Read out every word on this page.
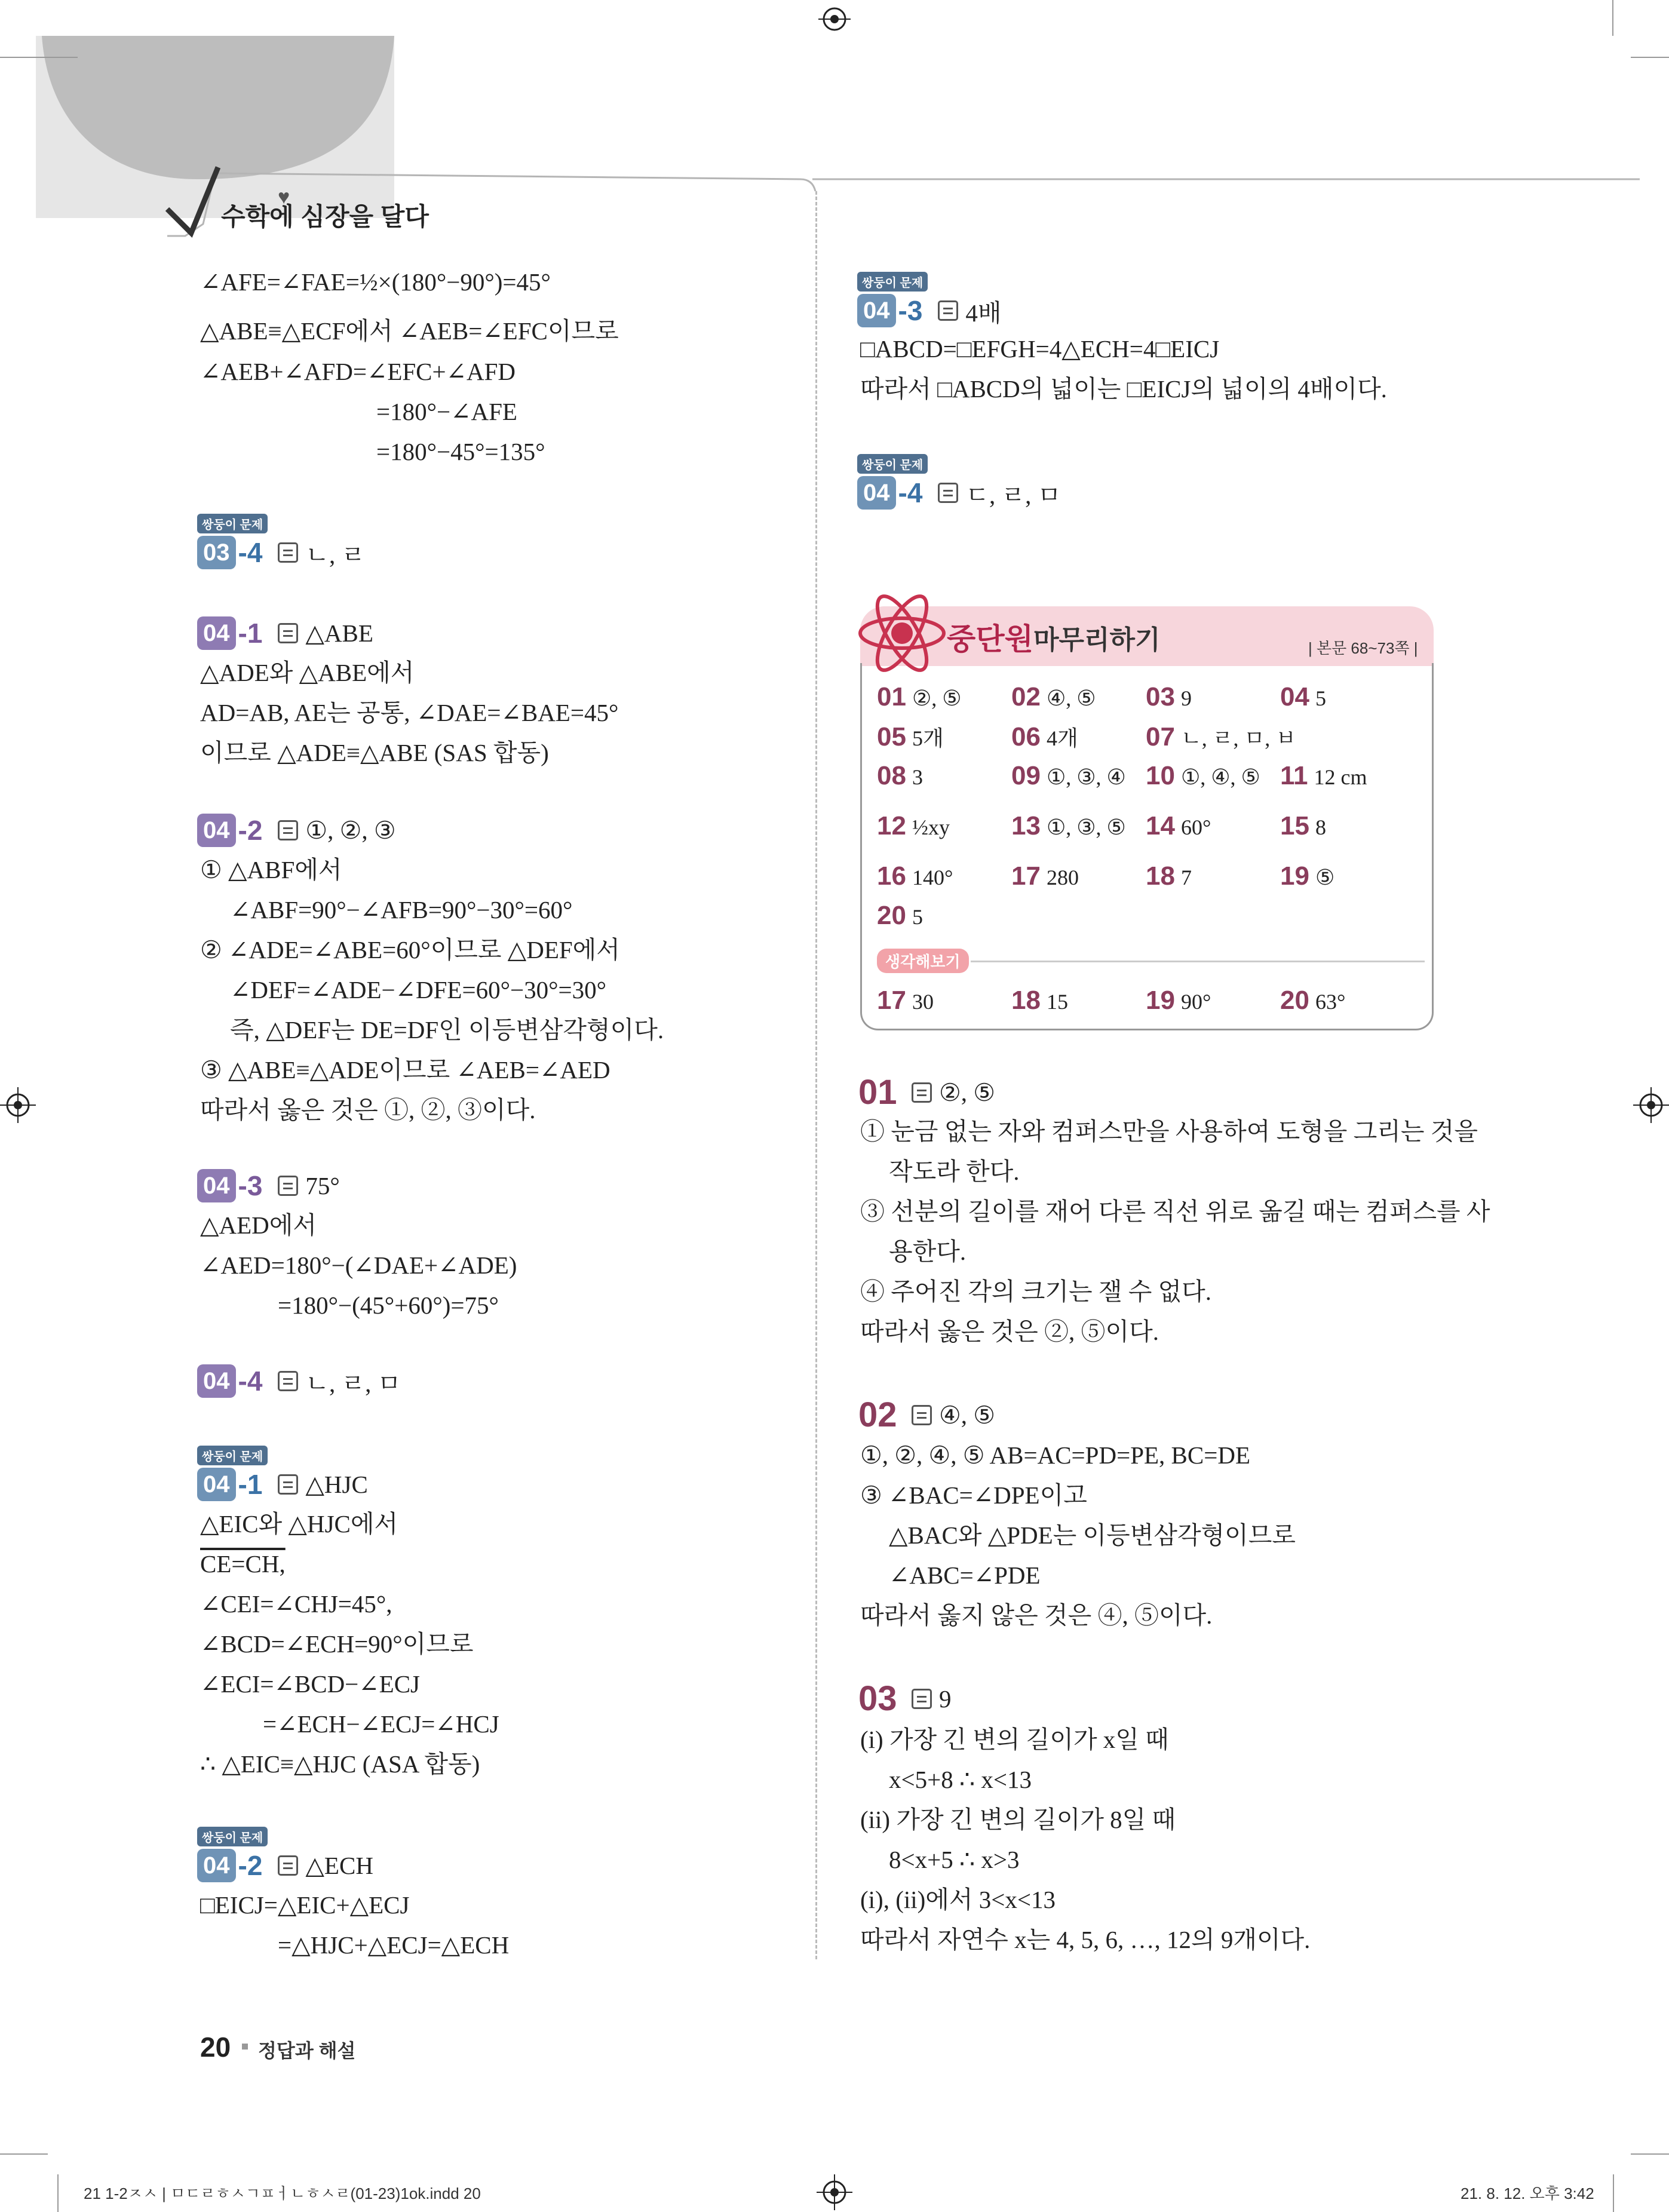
수학에 심장을 달다
♥
∠AFE=∠FAE=½×(180°−90°)=45°
△ABE≡△ECF에서 ∠AEB=∠EFC이므로
∠AEB+∠AFD=∠EFC+∠AFD
=180°−∠AFE
=180°−45°=135°
쌍둥이 문제
03 -4 ㄴ, ㄹ
04 -1 △ABE
△ADE와 △ABE에서
AD=AB, AE는 공통, ∠DAE=∠BAE=45°
이므로 △ADE≡△ABE (SAS 합동)
04 -2 ①, ②, ③
① △ABF에서
∠ABF=90°−∠AFB=90°−30°=60°
② ∠ADE=∠ABE=60°이므로 △DEF에서
∠DEF=∠ADE−∠DFE=60°−30°=30°
즉, △DEF는 DE=DF인 이등변삼각형이다.
③ △ABE≡△ADE이므로 ∠AEB=∠AED
따라서 옳은 것은 ①, ②, ③이다.
04 -3 75°
△AED에서
∠AED=180°−(∠DAE+∠ADE)
=180°−(45°+60°)=75°
04 -4 ㄴ, ㄹ, ㅁ
쌍둥이 문제
04 -1 △HJC
△EIC와 △HJC에서
CE=CH,
∠CEI=∠CHJ=45°,
∠BCD=∠ECH=90°이므로
∠ECI=∠BCD−∠ECJ
=∠ECH−∠ECJ=∠HCJ
∴ △EIC≡△HJC (ASA 합동)
쌍둥이 문제
04 -2 △ECH
□EICJ=△EIC+△ECJ
=△HJC+△ECJ=△ECH
쌍둥이 문제
04 -3 4배
□ABCD=□EFGH=4△ECH=4□EICJ
따라서 □ABCD의 넓이는 □EICJ의 넓이의 4배이다.
쌍둥이 문제
04 -4 ㄷ, ㄹ, ㅁ
중단원 마무리하기	| 본문 68~73쪽 |
01 ②, ⑤ 02 ④, ⑤ 03 9	04 5
05 5개	06 4개	07 ㄴ, ㄹ, ㅁ, ㅂ
08 3	09 ①, ③, ④ 10 ①, ④, ⑤ 11 12 cm
12 ½xy 13 ①, ③, ⑤ 14 60°	15 8
16 140° 17 280	18 7	19 ⑤
20 5
생각해보기
17 30	18 15	19 90°	20 63°
01 ②, ⑤
① 눈금 없는 자와 컴퍼스만을 사용하여 도형을 그리는 것을
작도라 한다.
③ 선분의 길이를 재어 다른 직선 위로 옮길 때는 컴퍼스를 사
용한다.
④ 주어진 각의 크기는 잴 수 없다.
따라서 옳은 것은 ②, ⑤이다.
02 ④, ⑤
①, ②, ④, ⑤ AB=AC=PD=PE, BC=DE
③ ∠BAC=∠DPE이고
△BAC와 △PDE는 이등변삼각형이므로
∠ABC=∠PDE
따라서 옳지 않은 것은 ④, ⑤이다.
03 9
(i) 가장 긴 변의 길이가 x일 때
x<5+8 ∴ x<13
(ii) 가장 긴 변의 길이가 8일 때
8<x+5 ∴ x>3
(i), (ii)에서 3<x<13
따라서 자연수 x는 4, 5, 6, …, 12의 9개이다.
20 정답과 해설
21 1-2ㅈㅅ | ㅁㄷㄹㅎㅅㄱㅍㅓㄴㅎㅅㄹ(01-23)1ok.indd 20	21. 8. 12. 오후 3:42
